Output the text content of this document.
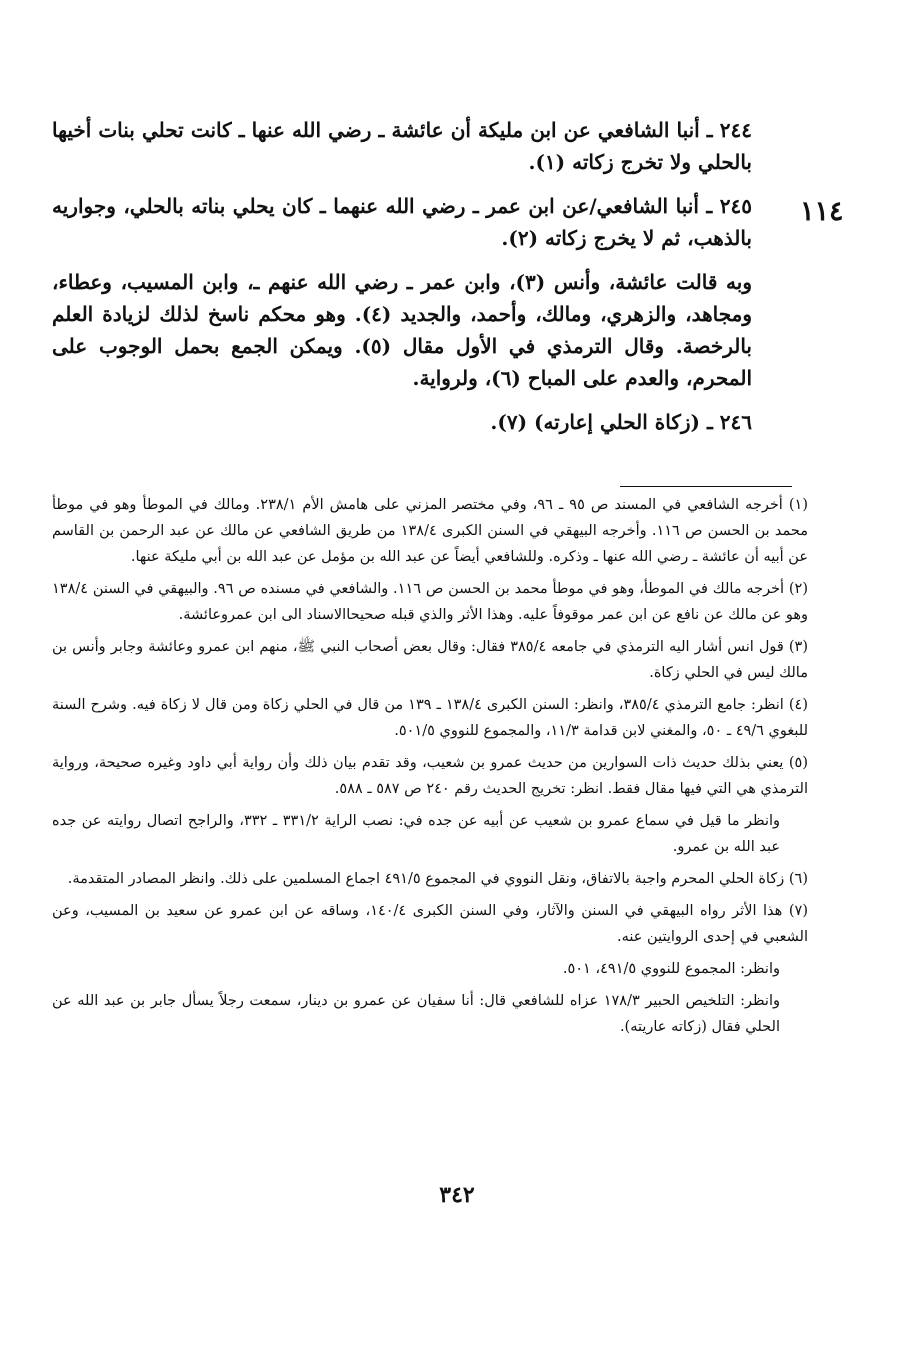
١١٤

٢٤٤ ـ أنبا الشافعي عن ابن مليكة أن عائشة ـ رضي الله عنها ـ كانت تحلي بنات أخيها بالحلي ولا تخرج زكاته (١).

٢٤٥ ـ أنبا الشافعي/عن ابن عمر ـ رضي الله عنهما ـ كان يحلي بناته بالحلي، وجواريه بالذهب، ثم لا يخرج زكاته (٢).

وبه قالت عائشة، وأنس (٣)، وابن عمر ـ رضي الله عنهم ـ، وابن المسيب، وعطاء، ومجاهد، والزهري، ومالك، وأحمد، والجديد (٤). وهو محكم ناسخ لذلك لزيادة العلم بالرخصة. وقال الترمذي في الأول مقال (٥). ويمكن الجمع بحمل الوجوب على المحرم، والعدم على المباح (٦)، ولرواية.

٢٤٦ ـ (زكاة الحلي إعارته) (٧).

(١) أخرجه الشافعي في المسند ص ٩٥ ـ ٩٦، وفي مختصر المزني على هامش الأم ٢٣٨/١. ومالك في الموطأ وهو في موطأ محمد بن الحسن ص ١١٦. وأخرجه البيهقي في السنن الكبرى ١٣٨/٤ من طريق الشافعي عن مالك عن عبد الرحمن بن القاسم عن أبيه أن عائشة ـ رضي الله عنها ـ وذكره. وللشافعي أيضاً عن عبد الله بن مؤمل عن عبد الله بن أبي مليكة عنها.

(٢) أخرجه مالك في الموطأ، وهو في موطأ محمد بن الحسن ص ١١٦. والشافعي في مسنده ص ٩٦. والبيهقي في السنن ١٣٨/٤ وهو عن مالك عن نافع عن ابن عمر موقوفاً عليه. وهذا الأثر والذي قبله صحيحاالاسناد الى ابن عمروعائشة.

(٣) قول انس أشار اليه الترمذي في جامعه ٣٨٥/٤ فقال: وقال بعض أصحاب النبي ﷺ، منهم ابن عمرو وعائشة وجابر وأنس بن مالك ليس في الحلي زكاة.

(٤) انظر: جامع الترمذي ٣٨٥/٤، وانظر: السنن الكبرى ١٣٨/٤ ـ ١٣٩ من قال في الحلي زكاة ومن قال لا زكاة فيه. وشرح السنة للبغوي ٤٩/٦ ـ ٥٠، والمغني لابن قدامة ١١/٣، والمجموع للنووي ٥٠١/٥.

(٥) يعني بذلك حديث ذات السوارين من حديث عمرو بن شعيب، وقد تقدم بيان ذلك وأن رواية أبي داود وغيره صحيحة، ورواية الترمذي هي التي فيها مقال فقط. انظر: تخريج الحديث رقم ٢٤٠ ص ٥٨٧ ـ ٥٨٨.

وانظر ما قيل في سماع عمرو بن شعيب عن أبيه عن جده في: نصب الراية ٣٣١/٢ ـ ٣٣٢، والراجح اتصال روايته عن جده عبد الله بن عمرو.

(٦) زكاة الحلي المحرم واجبة بالاتفاق، ونقل النووي في المجموع ٤٩١/٥ اجماع المسلمين على ذلك. وانظر المصادر المتقدمة.

(٧) هذا الأثر رواه البيهقي في السنن والآثار، وفي السنن الكبرى ١٤٠/٤، وساقه عن ابن عمرو عن سعيد بن المسيب، وعن الشعبي في إحدى الروايتين عنه.

وانظر: المجموع للنووي ٤٩١/٥، ٥٠١.

وانظر: التلخيص الحبير ١٧٨/٣ عزاه للشافعي قال: أنا سفيان عن عمرو بن دينار، سمعت رجلاً يسأل جابر بن عبد الله عن الحلي فقال (زكاته عاريته).

٣٤٢
